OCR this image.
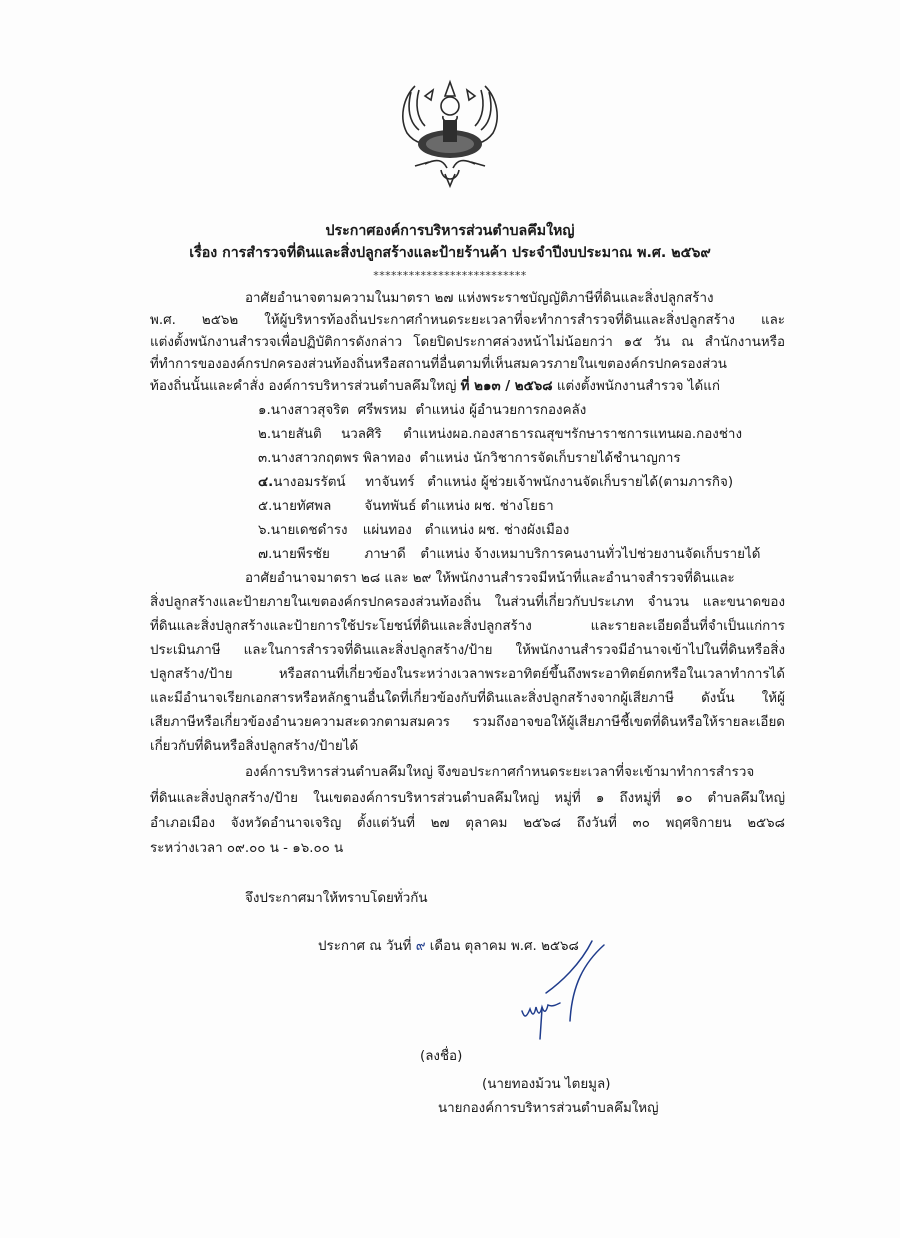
ประกาศองค์การบริหารส่วนตำบลคึมใหญ่
เรื่อง การสำรวจที่ดินและสิ่งปลูกสร้างและป้ายร้านค้า ประจำปีงบประมาณ พ.ศ. ๒๕๖๙
**************************
อาศัยอำนาจตามความในมาตรา ๒๗ แห่งพระราชบัญญัติภาษีที่ดินและสิ่งปลูกสร้าง
พ.ศ. ๒๕๖๒ ให้ผู้บริหารท้องถิ่นประกาศกำหนดระยะเวลาที่จะทำการสำรวจที่ดินและสิ่งปลูกสร้าง และ
แต่งตั้งพนักงานสำรวจเพื่อปฏิบัติการดังกล่าว โดยปิดประกาศล่วงหน้าไม่น้อยกว่า ๑๕ วัน ณ สำนักงานหรือ
ที่ทำการขององค์กรปกครองส่วนท้องถิ่นหรือสถานที่อื่นตามที่เห็นสมควรภายในเขตองค์กรปกครองส่วน
ท้องถิ่นนั้นและคำสั่ง องค์การบริหารส่วนตำบลคึมใหญ่ ที่ ๒๑๓ / ๒๕๖๘ แต่งตั้งพนักงานสำรวจ ได้แก่
๑.นางสาวสุจริต ศรีพรหม ตำแหน่ง ผู้อำนวยการกองคลัง
๒.นายสันติ นวลศิริ ตำแหน่งผอ.กองสาธารณสุขฯรักษาราชการแทนผอ.กองช่าง
๓.นางสาวกฤตพร พิลาทอง ตำแหน่ง นักวิชาการจัดเก็บรายได้ชำนาญการ
๔.นางอมรรัตน์ ทาจันทร์ ตำแหน่ง ผู้ช่วยเจ้าพนักงานจัดเก็บรายได้(ตามภารกิจ)
๕.นายทัศพล จันทพันธ์ ตำแหน่ง ผช. ช่างโยธา
๖.นายเดชดำรง แผ่นทอง ตำแหน่ง ผช. ช่างผังเมือง
๗.นายพีรชัย	ภาษาดี ตำแหน่ง จ้างเหมาบริการคนงานทั่วไปช่วยงานจัดเก็บรายได้
อาศัยอำนาจมาตรา ๒๘ และ ๒๙ ให้พนักงานสำรวจมีหน้าที่และอำนาจสำรวจที่ดินและ
สิ่งปลูกสร้างและป้ายภายในเขตองค์กรปกครองส่วนท้องถิ่น ในส่วนที่เกี่ยวกับประเภท จำนวน และขนาดของ
ที่ดินและสิ่งปลูกสร้างและป้ายการใช้ประโยชน์ที่ดินและสิ่งปลูกสร้าง และรายละเอียดอื่นที่จำเป็นแก่การ
ประเมินภาษี และในการสำรวจที่ดินและสิ่งปลูกสร้าง/ป้าย ให้พนักงานสำรวจมีอำนาจเข้าไปในที่ดินหรือสิ่ง
ปลูกสร้าง/ป้าย หรือสถานที่เกี่ยวข้องในระหว่างเวลาพระอาทิตย์ขึ้นถึงพระอาทิตย์ตกหรือในเวลาทำการได้
และมีอำนาจเรียกเอกสารหรือหลักฐานอื่นใดที่เกี่ยวข้องกับที่ดินและสิ่งปลูกสร้างจากผู้เสียภาษี ดังนั้น ให้ผู้
เสียภาษีหรือเกี่ยวข้องอำนวยความสะดวกตามสมควร รวมถึงอาจขอให้ผู้เสียภาษีชี้เขตที่ดินหรือให้รายละเอียด
เกี่ยวกับที่ดินหรือสิ่งปลูกสร้าง/ป้ายได้
องค์การบริหารส่วนตำบลคึมใหญ่ จึงขอประกาศกำหนดระยะเวลาที่จะเข้ามาทำการสำรวจ
ที่ดินและสิ่งปลูกสร้าง/ป้าย ในเขตองค์การบริหารส่วนตำบลคึมใหญ่ หมู่ที่ ๑ ถึงหมู่ที่ ๑๐ ตำบลคึมใหญ่
อำเภอเมือง จังหวัดอำนาจเจริญ ตั้งแต่วันที่ ๒๗ ตุลาคม ๒๕๖๘ ถึงวันที่ ๓๐ พฤศจิกายน ๒๕๖๘
ระหว่างเวลา ๐๙.๐๐ น - ๑๖.๐๐ น
จึงประกาศมาให้ทราบโดยทั่วกัน
ประกาศ ณ วันที่ ๙ เดือน ตุลาคม พ.ศ. ๒๕๖๘
(ลงชื่อ)
(นายทองม้วน ไตยมูล)
นายกองค์การบริหารส่วนตำบลคึมใหญ่
